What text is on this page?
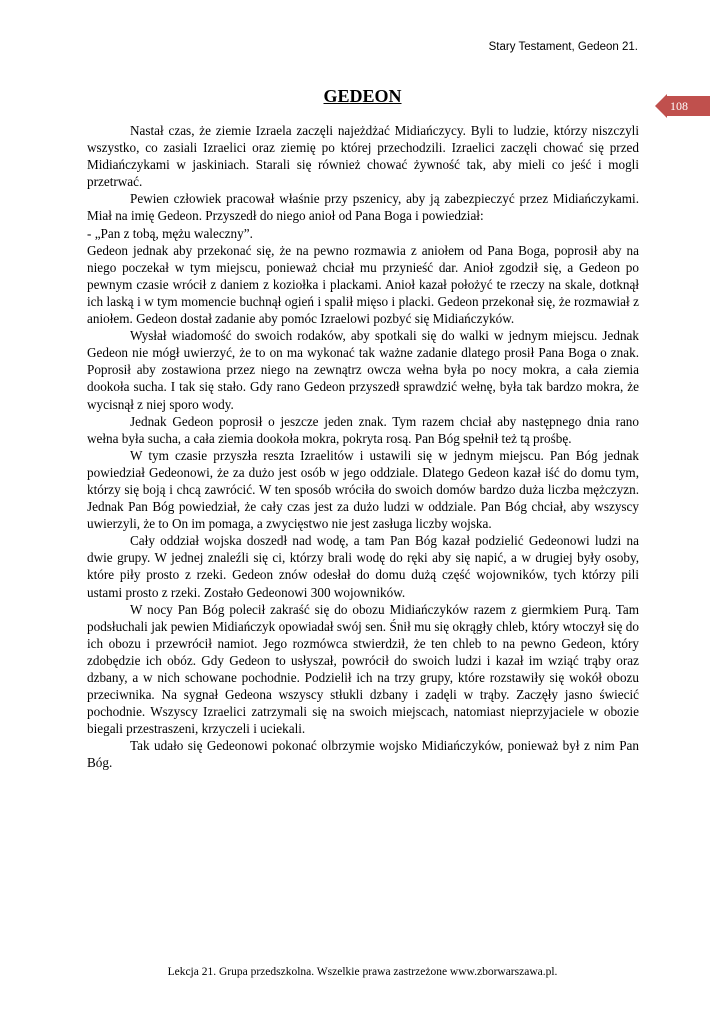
Stary Testament, Gedeon 21.
108
GEDEON

Nastał czas, że ziemie Izraela zaczęli najeżdżać Midiańczycy. Byli to ludzie, którzy niszczyli wszystko, co zasiali Izraelici oraz ziemię po której przechodzili. Izraelici zaczęli chować się przed Midiańczykami w jaskiniach. Starali się również chować żywność tak, aby mieli co jeść i mogli przetrwać.

Pewien człowiek pracował właśnie przy pszenicy, aby ją zabezpieczyć przez Midiańczykami. Miał na imię Gedeon. Przyszedł do niego anioł od Pana Boga i powiedział:

- „Pan z tobą, mężu waleczny”.

Gedeon jednak aby przekonać się, że na pewno rozmawia z aniołem od Pana Boga, poprosił aby na niego poczekał w tym miejscu, ponieważ chciał mu przynieść dar. Anioł zgodził się, a Gedeon po pewnym czasie wrócił z daniem z koziołka i plackami. Anioł kazał położyć te rzeczy na skale, dotknął ich laską i w tym momencie buchnął ogień i spalił mięso i placki. Gedeon przekonał się, że rozmawiał z aniołem. Gedeon dostał zadanie aby pomóc Izraelowi pozbyć się Midiańczyków.

Wysłał wiadomość do swoich rodaków, aby spotkali się do walki w jednym miejscu. Jednak Gedeon nie mógł uwierzyć, że to on ma wykonać tak ważne zadanie dlatego prosił Pana Boga o znak. Poprosił aby zostawiona przez niego na zewnątrz owcza wełna była po nocy mokra, a cała ziemia dookoła sucha. I tak się stało. Gdy rano Gedeon przyszedł sprawdzić wełnę, była tak bardzo mokra, że wycisnął z niej sporo wody.

Jednak Gedeon poprosił o jeszcze jeden znak. Tym razem chciał aby następnego dnia rano wełna była sucha, a cała ziemia dookoła mokra, pokryta rosą. Pan Bóg spełnił też tą prośbę.

W tym czasie przyszła reszta Izraelitów i ustawili się w jednym miejscu. Pan Bóg jednak powiedział Gedeonowi, że za dużo jest osób w jego oddziale. Dlatego Gedeon kazał iść do domu tym, którzy się boją i chcą zawrócić. W ten sposób wróciła do swoich domów bardzo duża liczba mężczyzn. Jednak Pan Bóg powiedział, że cały czas jest za dużo ludzi w oddziale. Pan Bóg chciał, aby wszyscy uwierzyli, że to On im pomaga, a zwycięstwo nie jest zasługa liczby wojska.

Cały oddział wojska doszedł nad wodę, a tam Pan Bóg kazał podzielić Gedeonowi ludzi na dwie grupy. W jednej znaleźli się ci, którzy brali wodę do ręki aby się napić, a w drugiej były osoby, które piły prosto z rzeki. Gedeon znów odesłał do domu dużą część wojowników, tych którzy pili ustami prosto z rzeki. Zostało Gedeonowi 300 wojowników.

W nocy Pan Bóg polecił zakraść się do obozu Midiańczyków razem z giermkiem Purą. Tam podsłuchali jak pewien Midiańczyk opowiadał swój sen. Śnił mu się okrągły chleb, który wtoczył się do ich obozu i przewrócił namiot. Jego rozmówca stwierdził, że ten chleb to na pewno Gedeon, który zdobędzie ich obóz. Gdy Gedeon to usłyszał, powrócił do swoich ludzi i kazał im wziąć trąby oraz dzbany, a w nich schowane pochodnie. Podzielił ich na trzy grupy, które rozstawiły się wokół obozu przeciwnika. Na sygnał Gedeona wszyscy stłukli dzbany i zadęli w trąby. Zaczęły jasno świecić pochodnie. Wszyscy Izraelici zatrzymali się na swoich miejscach, natomiast nieprzyjaciele w obozie biegali przestraszeni, krzyczeli i uciekali.

Tak udało się Gedeonowi pokonać olbrzymie wojsko Midiańczyków, ponieważ był z nim Pan Bóg.

Lekcja 21. Grupa przedszkolna. Wszelkie prawa zastrzeżone www.zborwarszawa.pl.
